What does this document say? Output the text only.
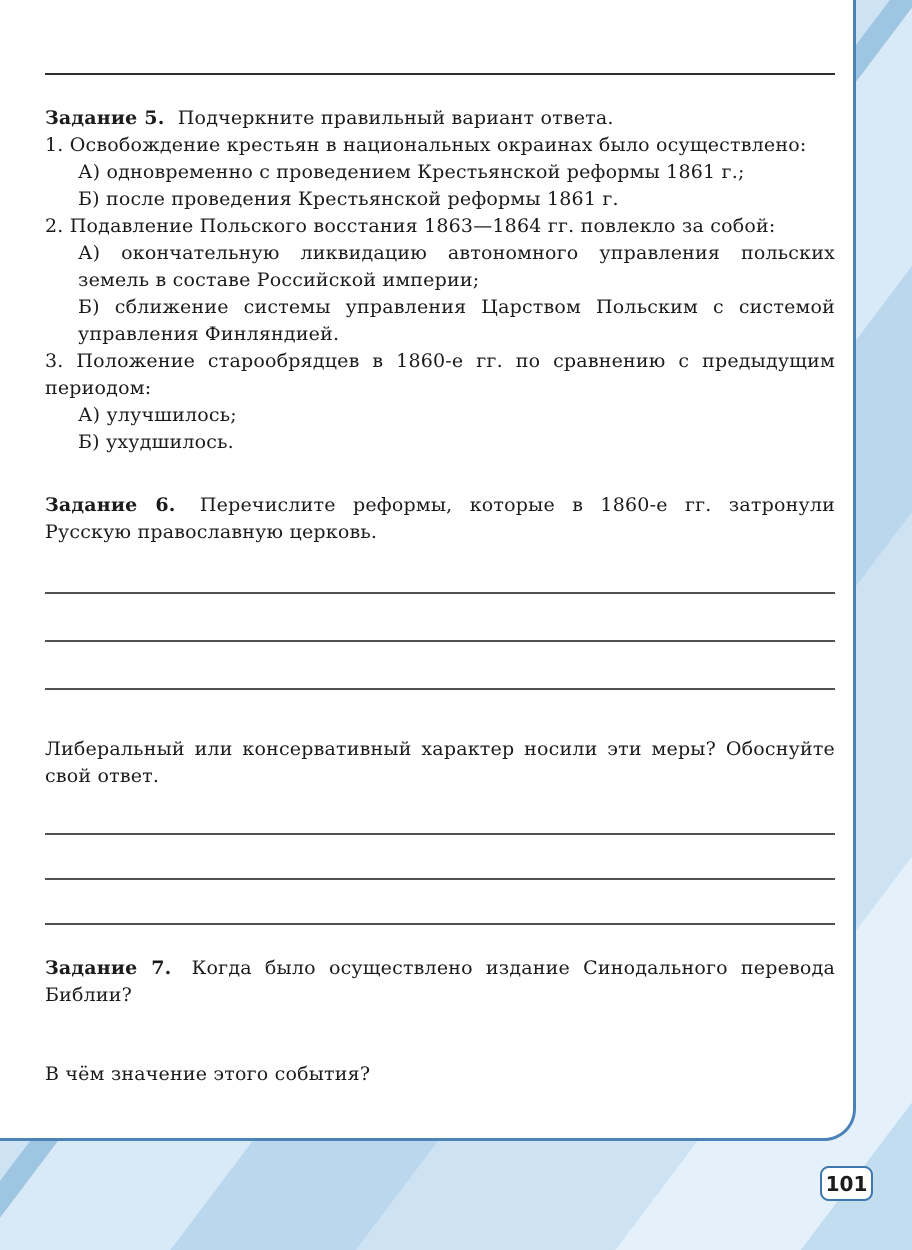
Задание 5. Подчеркните правильный вариант ответа.

1. Освобождение крестьян в национальных окраинах было осуществлено:

А) одновременно с проведением Крестьянской реформы 1861 г.;

Б) после проведения Крестьянской реформы 1861 г.

2. Подавление Польского восстания 1863—1864 гг. повлекло за собой:

А) окончательную ликвидацию автономного управления польских земель в составе Российской империи;

Б) сближение системы управления Царством Польским с системой управления Финляндией.

3. Положение старообрядцев в 1860-е гг. по сравнению с предыдущим периодом:

А) улучшилось;

Б) ухудшилось.

Задание 6. Перечислите реформы, которые в 1860-е гг. затронули Русскую православную церковь.

Либеральный или консервативный характер носили эти меры? Обоснуйте свой ответ.

Задание 7. Когда было осуществлено издание Синодального перевода Библии?

В чём значение этого события?

101
